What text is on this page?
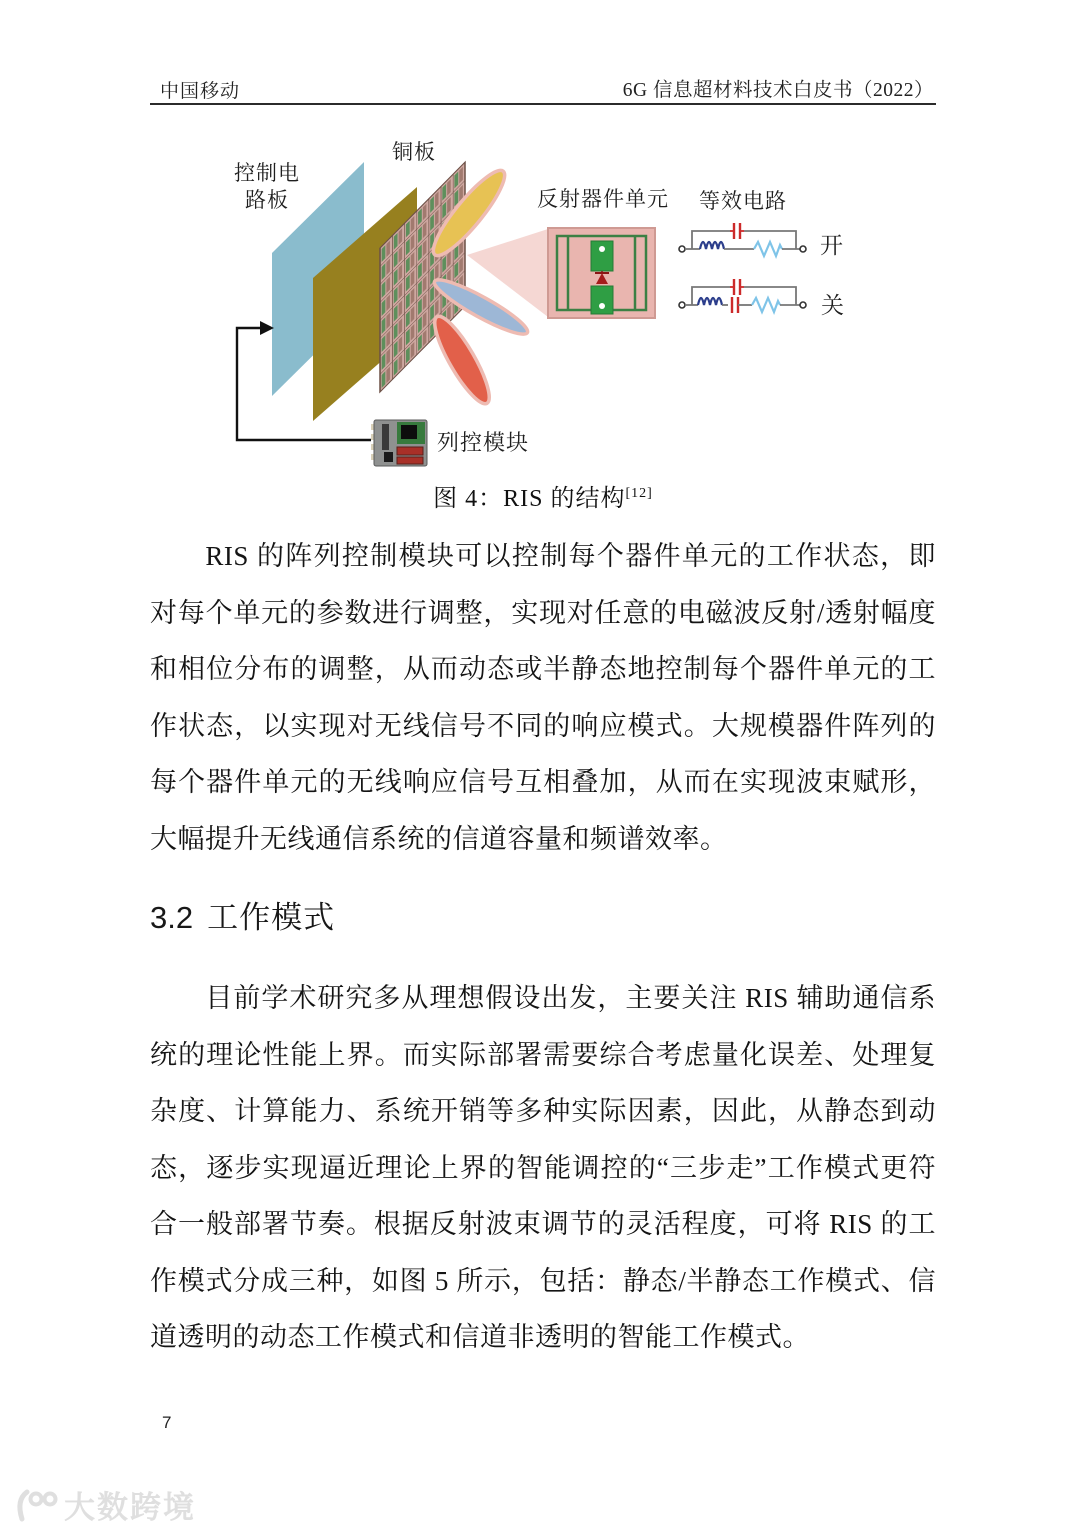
中国移动	6G 信息超材料技术白皮书（2022）
控制电路板
铜板
反射器件单元 等效电路
开
关
列控模块
图 4：RIS 的结构[12]
RIS 的阵列控制模块可以控制每个器件单元的工作状态，即对每个单元的参数进行调整，实现对任意的电磁波反射/透射幅度和相位分布的调整，从而动态或半静态地控制每个器件单元的工作状态，以实现对无线信号不同的响应模式。大规模器件阵列的每个器件单元的无线响应信号互相叠加，从而在实现波束赋形，大幅提升无线通信系统的信道容量和频谱效率。
3.2 工作模式
目前学术研究多从理想假设出发，主要关注 RIS 辅助通信系统的理论性能上界。而实际部署需要综合考虑量化误差、处理复杂度、计算能力、系统开销等多种实际因素，因此，从静态到动态，逐步实现逼近理论上界的智能调控的“三步走”工作模式更符合一般部署节奏。根据反射波束调节的灵活程度，可将 RIS 的工作模式分成三种，如图 5 所示，包括：静态/半静态工作模式、信道透明的动态工作模式和信道非透明的智能工作模式。
7
大数跨境
